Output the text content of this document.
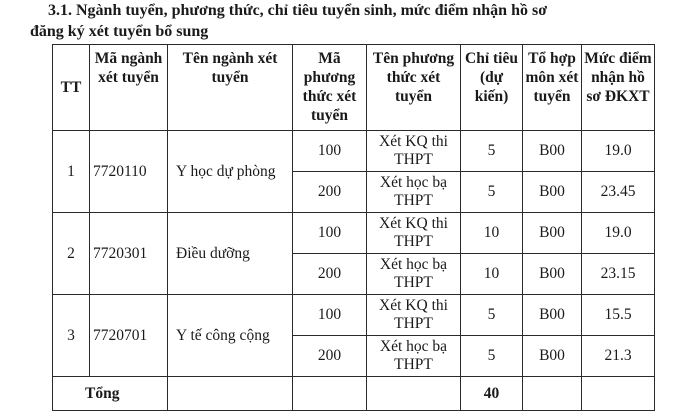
3.1. Ngành tuyển, phương thức, chỉ tiêu tuyển sinh, mức điểm nhận hồ sơ
đăng ký xét tuyển bổ sung
TT	Mã ngành xét tuyển	Tên ngành xét tuyển	Mã phương thức xét tuyển	Tên phương thức xét tuyển	Chỉ tiêu (dự kiến)	Tổ hợp môn xét tuyển	Mức điểm nhận hồ sơ ĐKXT
1	7720110	Y học dự phòng	100	Xét KQ thi THPT	5	B00	19.0
			200	Xét học bạ THPT	5	B00	23.45
2	7720301	Điều dưỡng	100	Xét KQ thi THPT	10	B00	19.0
			200	Xét học bạ THPT	10	B00	23.15
3	7720701	Y tế công cộng	100	Xét KQ thi THPT	5	B00	15.5
			200	Xét học bạ THPT	5	B00	21.3
Tổng					40		
